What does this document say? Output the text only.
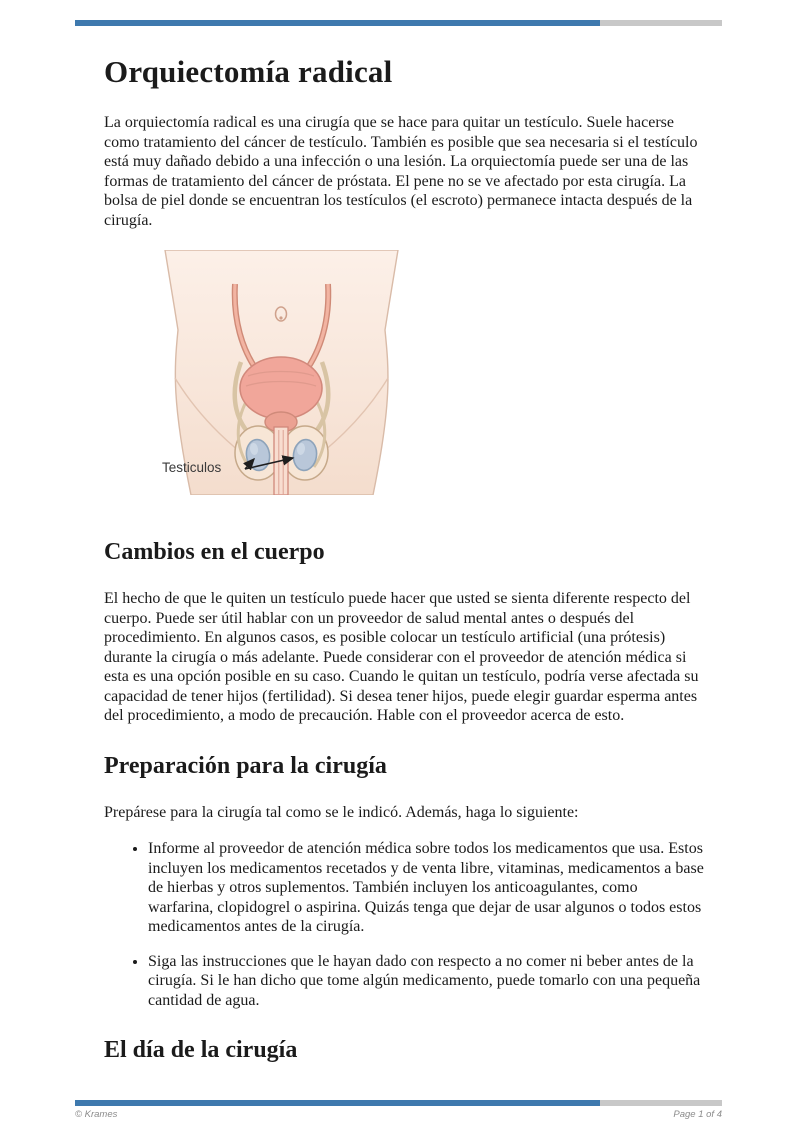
Orquiectomía radical

La orquiectomía radical es una cirugía que se hace para quitar un testículo. Suele hacerse como tratamiento del cáncer de testículo. También es posible que sea necesaria si el testículo está muy dañado debido a una infección o una lesión. La orquiectomía puede ser una de las formas de tratamiento del cáncer de próstata. El pene no se ve afectado por esta cirugía. La bolsa de piel donde se encuentran los testículos (el escroto) permanece intacta después de la cirugía.

Testiculos
Cambios en el cuerpo

El hecho de que le quiten un testículo puede hacer que usted se sienta diferente respecto del cuerpo. Puede ser útil hablar con un proveedor de salud mental antes o después del procedimiento. En algunos casos, es posible colocar un testículo artificial (una prótesis) durante la cirugía o más adelante. Puede considerar con el proveedor de atención médica si esta es una opción posible en su caso. Cuando le quitan un testículo, podría verse afectada su capacidad de tener hijos (fertilidad). Si desea tener hijos, puede elegir guardar esperma antes del procedimiento, a modo de precaución. Hable con el proveedor acerca de esto.

Preparación para la cirugía

Prepárese para la cirugía tal como se le indicó. Además, haga lo siguiente:

• Informe al proveedor de atención médica sobre todos los medicamentos que usa. Estos incluyen los medicamentos recetados y de venta libre, vitaminas, medicamentos a base de hierbas y otros suplementos. También incluyen los anticoagulantes, como warfarina, clopidogrel o aspirina. Quizás tenga que dejar de usar algunos o todos estos medicamentos antes de la cirugía.
• Siga las instrucciones que le hayan dado con respecto a no comer ni beber antes de la cirugía. Si le han dicho que tome algún medicamento, puede tomarlo con una pequeña cantidad de agua.
El día de la cirugía
© Krames	Page 1 of 4
